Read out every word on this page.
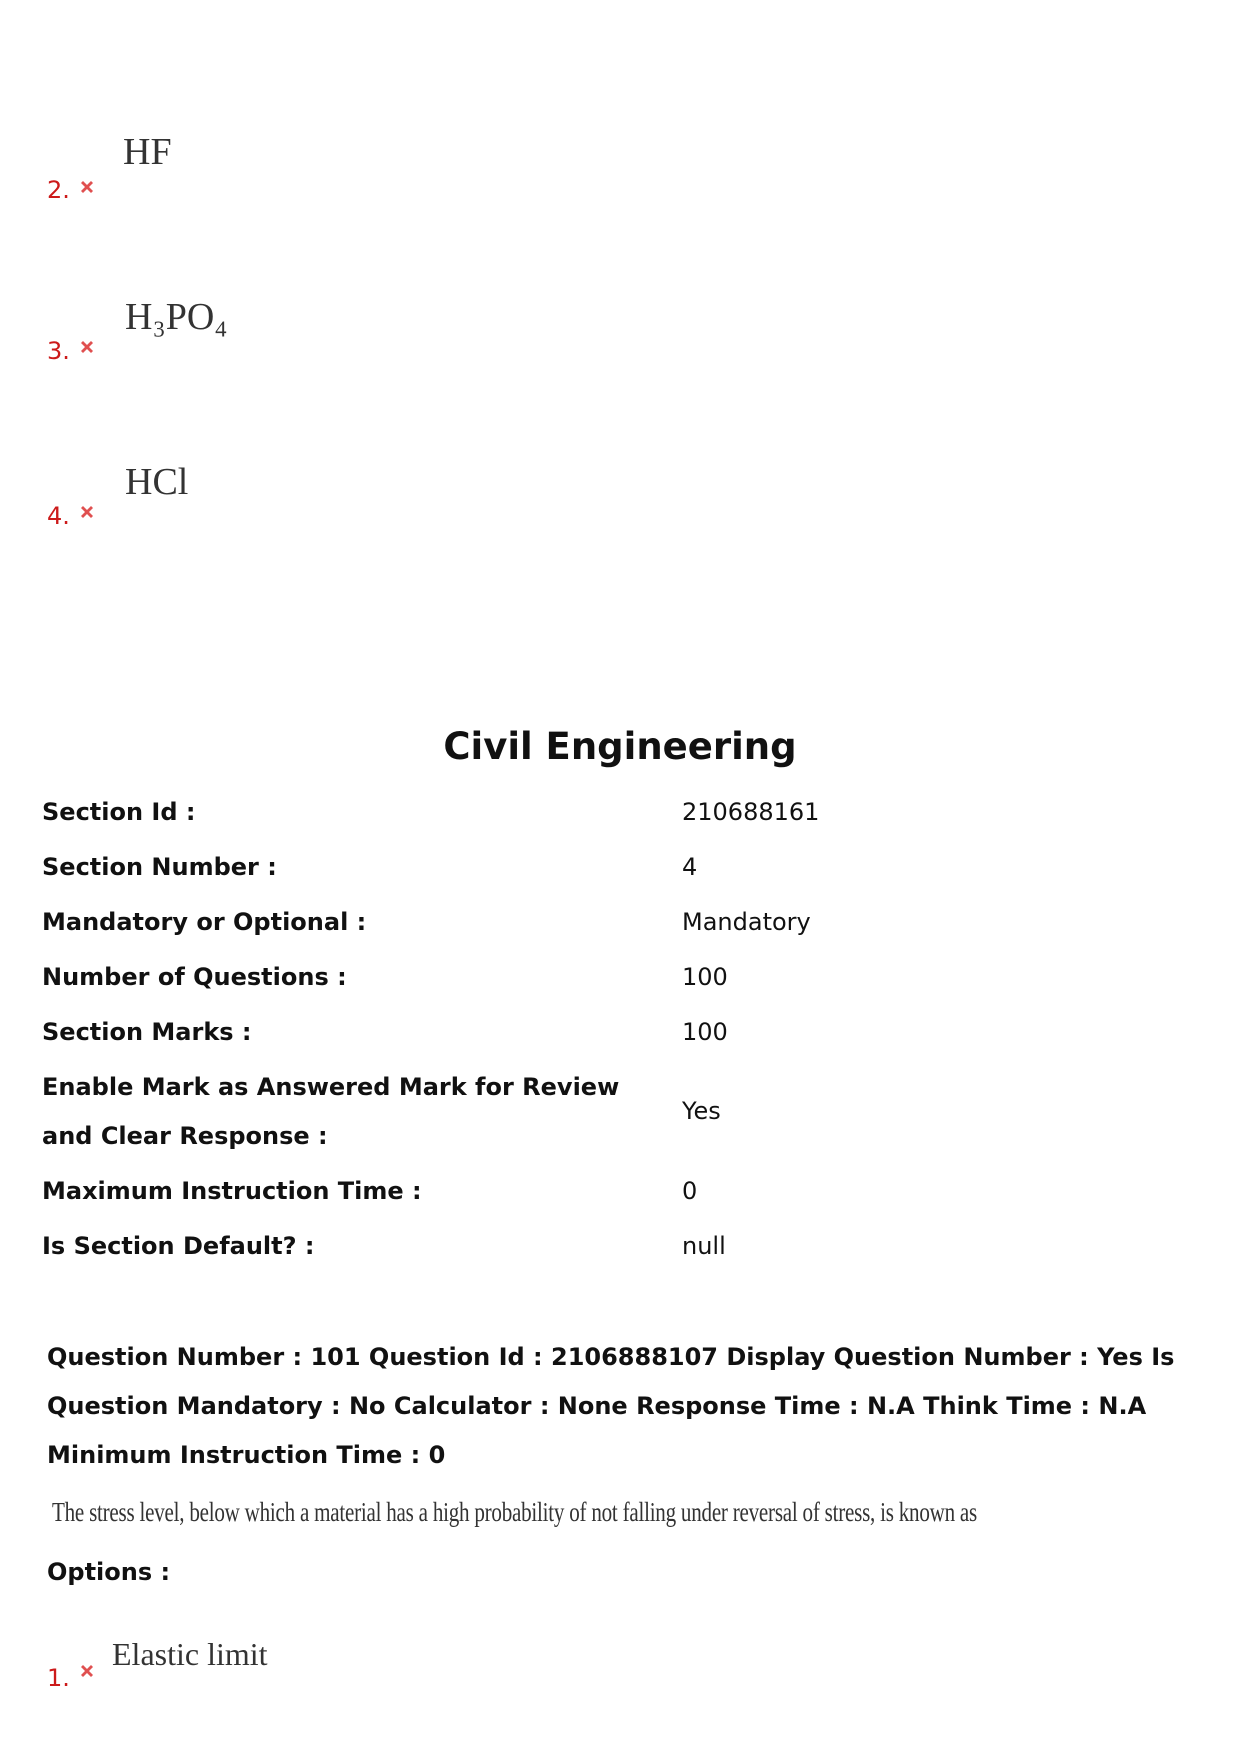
HF
2.
H₃PO₄
3.
HCl
4.
Civil Engineering
Section Id :	210688161
Section Number :	4
Mandatory or Optional :	Mandatory
Number of Questions :	100
Section Marks :	100
Enable Mark as Answered Mark for Review and Clear Response :
Yes
Maximum Instruction Time :	0
Is Section Default? :	null

Question Number : 101 Question Id : 2106888107 Display Question Number : Yes Is Question Mandatory : No Calculator : None Response Time : N.A Think Time : N.A Minimum Instruction Time : 0

The stress level, below which a material has a high probability of not falling under reversal of stress, is known as
Options :
Elastic limit
1.
